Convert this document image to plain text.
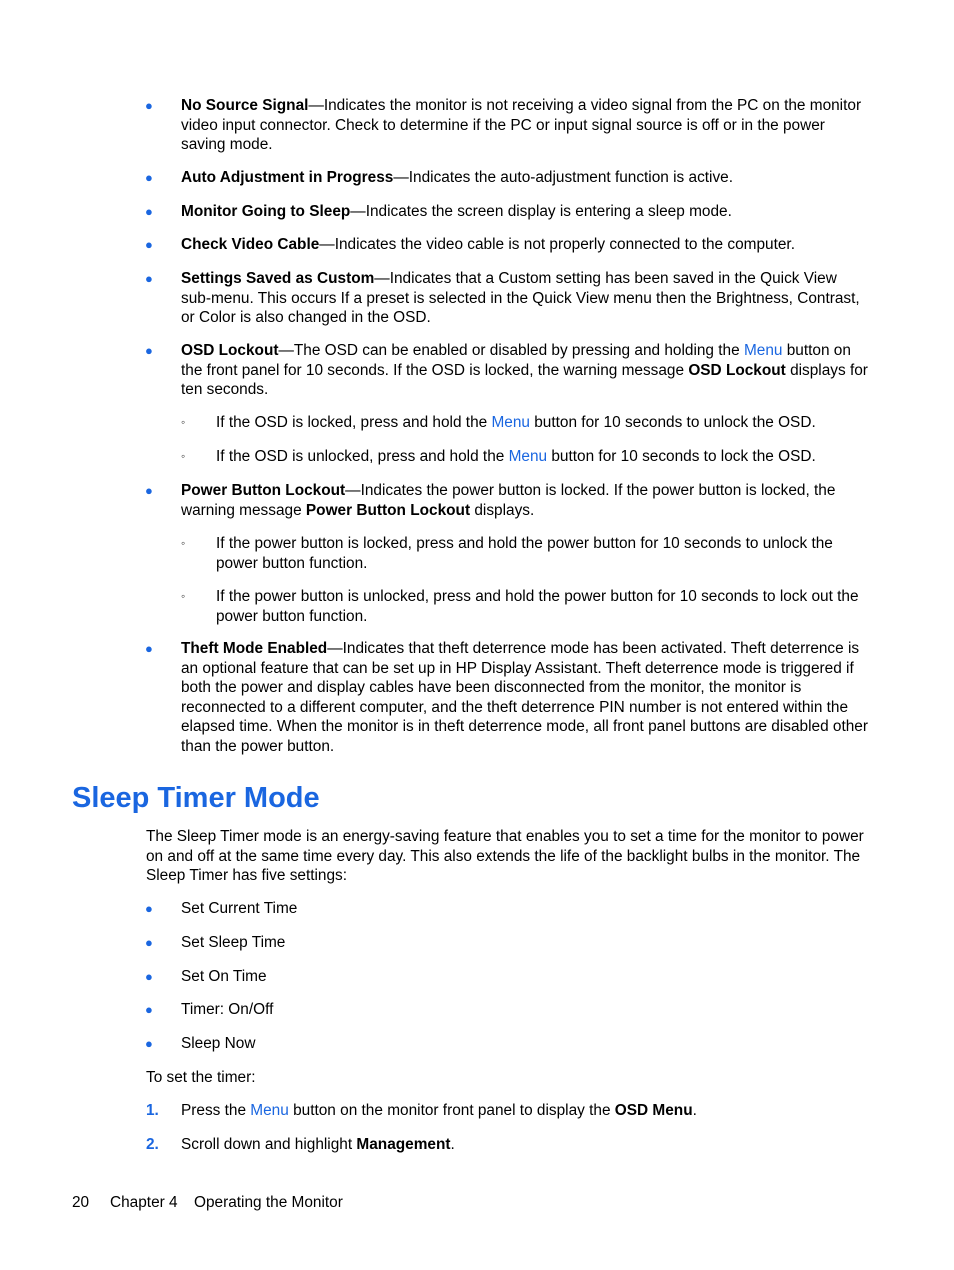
●	No Source Signal—Indicates the monitor is not receiving a video signal from the PC on the monitor video input connector. Check to determine if the PC or input signal source is off or in the power saving mode.
●	Auto Adjustment in Progress—Indicates the auto-adjustment function is active.
●	Monitor Going to Sleep—Indicates the screen display is entering a sleep mode.
●	Check Video Cable—Indicates the video cable is not properly connected to the computer.
●	Settings Saved as Custom—Indicates that a Custom setting has been saved in the Quick View sub-menu. This occurs If a preset is selected in the Quick View menu then the Brightness, Contrast, or Color is also changed in the OSD.
●	OSD Lockout—The OSD can be enabled or disabled by pressing and holding the Menu button on the front panel for 10 seconds. If the OSD is locked, the warning message OSD Lockout displays for ten seconds.
◦	If the OSD is locked, press and hold the Menu button for 10 seconds to unlock the OSD.
◦	If the OSD is unlocked, press and hold the Menu button for 10 seconds to lock the OSD.
●	Power Button Lockout—Indicates the power button is locked. If the power button is locked, the warning message Power Button Lockout displays.
◦	If the power button is locked, press and hold the power button for 10 seconds to unlock the power button function.
◦	If the power button is unlocked, press and hold the power button for 10 seconds to lock out the power button function.
●	Theft Mode Enabled—Indicates that theft deterrence mode has been activated. Theft deterrence is an optional feature that can be set up in HP Display Assistant. Theft deterrence mode is triggered if both the power and display cables have been disconnected from the monitor, the monitor is reconnected to a different computer, and the theft deterrence PIN number is not entered within the elapsed time. When the monitor is in theft deterrence mode, all front panel buttons are disabled other than the power button.
Sleep Timer Mode
The Sleep Timer mode is an energy-saving feature that enables you to set a time for the monitor to power on and off at the same time every day. This also extends the life of the backlight bulbs in the monitor. The Sleep Timer has five settings:
●	Set Current Time
●	Set Sleep Time
●	Set On Time
●	Timer: On/Off
●	Sleep Now
To set the timer:
1. Press the Menu button on the monitor front panel to display the OSD Menu.
2. Scroll down and highlight Management.
20 Chapter 4 Operating the Monitor
